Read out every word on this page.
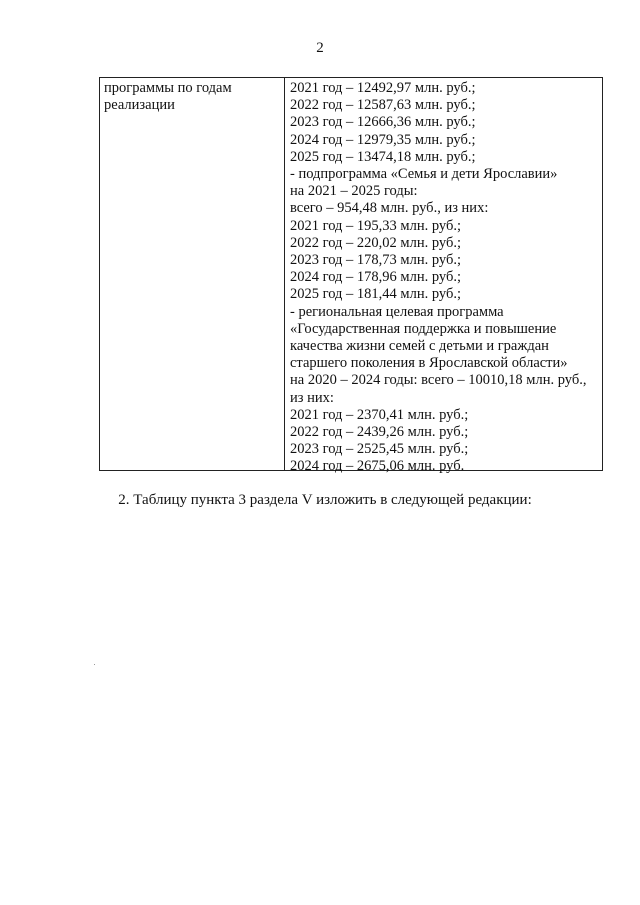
2
программы по годам
реализации
2021 год – 12492,97 млн. руб.;
2022 год – 12587,63 млн. руб.;
2023 год – 12666,36 млн. руб.;
2024 год – 12979,35 млн. руб.;
2025 год – 13474,18 млн. руб.;
- подпрограмма «Семья и дети Ярославии»
на 2021 – 2025 годы:
всего – 954,48 млн. руб., из них:
2021 год – 195,33 млн. руб.;
2022 год – 220,02 млн. руб.;
2023 год – 178,73 млн. руб.;
2024 год – 178,96 млн. руб.;
2025 год – 181,44 млн. руб.;
- региональная целевая программа
«Государственная поддержка и повышение
качества жизни семей с детьми и граждан
старшего поколения в Ярославской области»
на 2020 – 2024 годы: всего – 10010,18 млн. руб.,
из них:
2021 год – 2370,41 млн. руб.;
2022 год – 2439,26 млн. руб.;
2023 год – 2525,45 млн. руб.;
2024 год – 2675,06 млн. руб.
2. Таблицу пункта 3 раздела V изложить в следующей редакции:
